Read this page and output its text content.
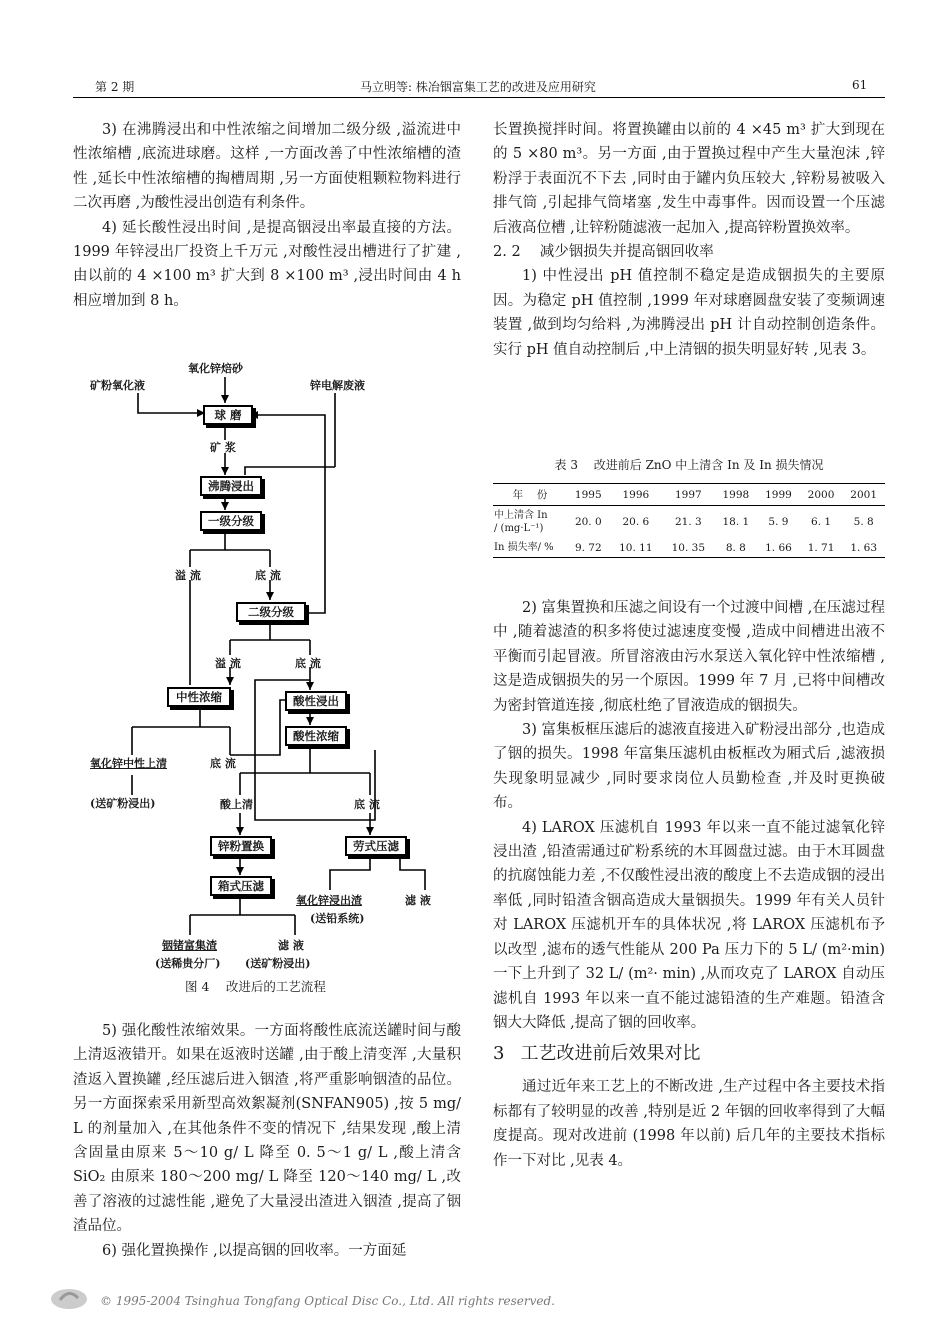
第 2 期	马立明等: 株冶铟富集工艺的改进及应用研究	61

3) 在沸腾浸出和中性浓缩之间增加二级分级 ,溢流进中性浓缩槽 ,底流进球磨。这样 ,一方面改善了中性浓缩槽的渣性 ,延长中性浓缩槽的掏槽周期 ,另一方面使粗颗粒物料进行二次再磨 ,为酸性浸出创造有利条件。

4) 延长酸性浸出时间 ,是提高铟浸出率最直接的方法。1999 年锌浸出厂投资上千万元 ,对酸性浸出槽进行了扩建 ,由以前的 4 ×100 m³ 扩大到 8 ×100 m³ ,浸出时间由 4 h 相应增加到 8 h。

氧化锌焙砂
矿粉氧化液	锌电解废液
球 磨
矿 浆
沸腾浸出
一级分级
溢 流	底 流
二级分级
溢 流	底 流
中性浓缩	酸性浸出
酸性浓缩
氧化锌中性上清	底 流
(送矿粉浸出)	酸上清	底 流
锌粉置换	劳式压滤
箱式压滤
氧化锌浸出渣
(送铅系统)
滤 液
铟锗富集渣
(送稀贵分厂)
滤 液
(送矿粉浸出)
图 4 　改进后的工艺流程

5) 强化酸性浓缩效果。一方面将酸性底流送罐时间与酸上清返液错开。如果在返液时送罐 ,由于酸上清变浑 ,大量积渣返入置换罐 ,经压滤后进入铟渣 ,将严重影响铟渣的品位。另一方面探索采用新型高效絮凝剂(SNFAN905) ,按 5 mg/ L 的剂量加入 ,在其他条件不变的情况下 ,结果发现 ,酸上清含固量由原来 5～10 g/ L 降至 0. 5～1 g/ L ,酸上清含 SiO₂ 由原来 180～200 mg/ L 降至 120～140 mg/ L ,改善了溶液的过滤性能 ,避免了大量浸出渣进入铟渣 ,提高了铟渣品位。

6) 强化置换操作 ,以提高铟的回收率。一方面延

长置换搅拌时间。将置换罐由以前的 4 ×45 m³ 扩大到现在的 5 ×80 m³。另一方面 ,由于置换过程中产生大量泡沫 ,锌粉浮于表面沉不下去 ,同时由于罐内负压较大 ,锌粉易被吸入排气筒 ,引起排气筒堵塞 ,发生中毒事件。因而设置一个压滤后液高位槽 ,让锌粉随滤液一起加入 ,提高锌粉置换效率。

2. 2 　减少铟损失并提高铟回收率

1) 中性浸出 pH 值控制不稳定是造成铟损失的主要原因。为稳定 pH 值控制 ,1999 年对球磨圆盘安装了变频调速装置 ,做到均匀给料 ,为沸腾浸出 pH 计自动控制创造条件。实行 pH 值自动控制后 ,中上清铟的损失明显好转 ,见表 3。

表 3 　改进前后 ZnO 中上清含 In 及 In 损失情况
年 　份	1995	1996	1997	1998	1999	2000	2001
中上清含 In
/ (mg·L⁻¹)	20. 0	20. 6	21. 3	18. 1	5. 9	6. 1	5. 8
In 损失率/ %	9. 72	10. 11	10. 35	8. 8	1. 66	1. 71	1. 63

2) 富集置换和压滤之间设有一个过渡中间槽 ,在压滤过程中 ,随着滤渣的积多将使过滤速度变慢 ,造成中间槽进出液不平衡而引起冒液。所冒溶液由污水泵送入氧化锌中性浓缩槽 ,这是造成铟损失的另一个原因。1999 年 7 月 ,已将中间槽改为密封管道连接 ,彻底杜绝了冒液造成的铟损失。

3) 富集板框压滤后的滤液直接进入矿粉浸出部分 ,也造成了铟的损失。1998 年富集压滤机由板框改为厢式后 ,滤液损失现象明显减少 ,同时要求岗位人员勤检查 ,并及时更换破布。

4) LAROX 压滤机自 1993 年以来一直不能过滤氧化锌浸出渣 ,铅渣需通过矿粉系统的木耳圆盘过滤。由于木耳圆盘的抗腐蚀能力差 ,不仅酸性浸出液的酸度上不去造成铟的浸出率低 ,同时铅渣含铟高造成大量铟损失。1999 年有关人员针对 LAROX 压滤机开车的具体状况 ,将 LAROX 压滤机布予以改型 ,滤布的透气性能从 200 Pa 压力下的 5 L/ (m²·min) 一下上升到了 32 L/ (m²· min) ,从而攻克了 LAROX 自动压滤机自 1993 年以来一直不能过滤铅渣的生产难题。铅渣含铟大大降低 ,提高了铟的回收率。

3 工艺改进前后效果对比

通过近年来工艺上的不断改进 ,生产过程中各主要技术指标都有了较明显的改善 ,特别是近 2 年铟的回收率得到了大幅度提高。现对改进前 (1998 年以前) 后几年的主要技术指标作一下对比 ,见表 4。

© 1995-2004 Tsinghua Tongfang Optical Disc Co., Ltd. All rights reserved.
